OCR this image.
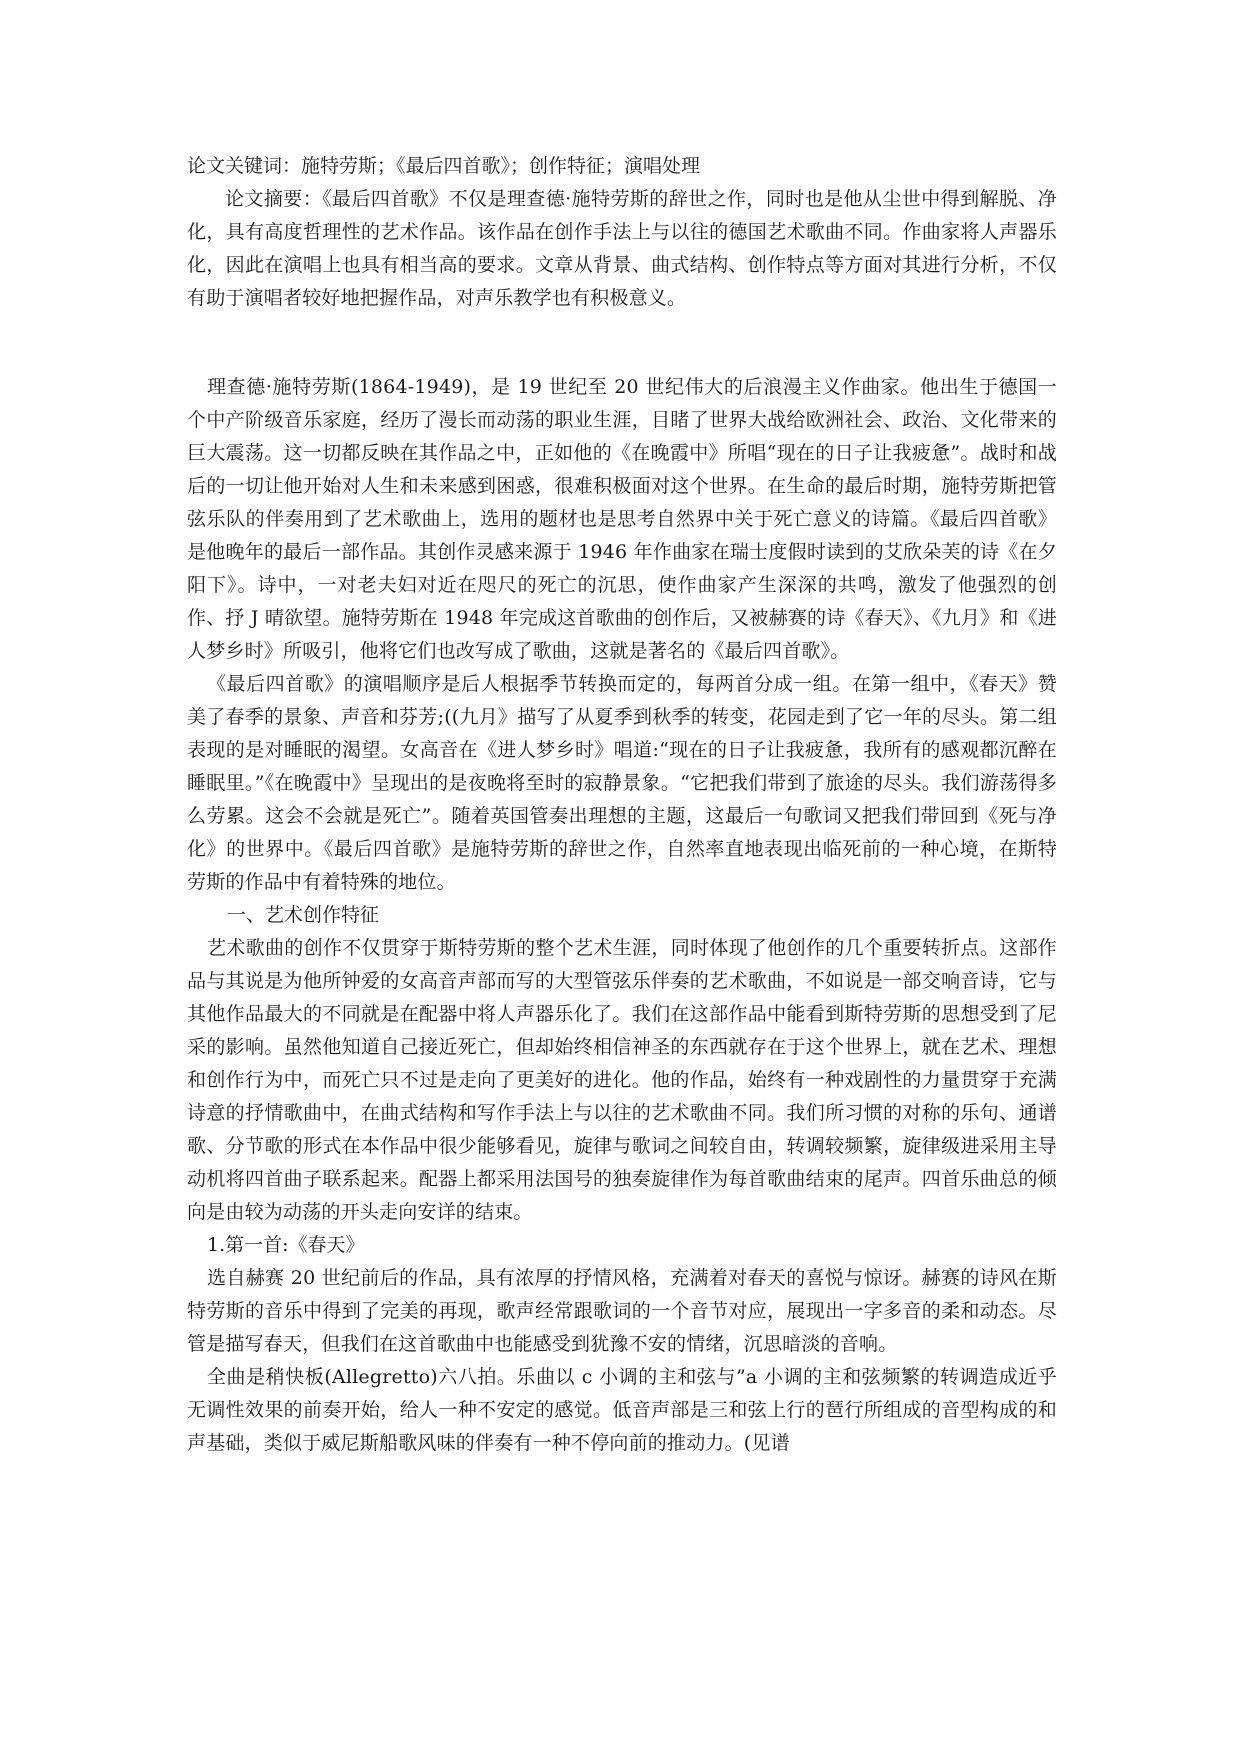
论文关键词：施特劳斯；《最后四首歌》；创作特征；演唱处理

论文摘要：《最后四首歌》不仅是理查德·施特劳斯的辞世之作，同时也是他从尘世中得到解脱、净化，具有高度哲理性的艺术作品。该作品在创作手法上与以往的德国艺术歌曲不同。作曲家将人声器乐化，因此在演唱上也具有相当高的要求。文章从背景、曲式结构、创作特点等方面对其进行分析，不仅有助于演唱者较好地把握作品，对声乐教学也有积极意义。

理查德·施特劳斯(1864-1949)，是 19 世纪至 20 世纪伟大的后浪漫主义作曲家。他出生于德国一个中产阶级音乐家庭，经历了漫长而动荡的职业生涯，目睹了世界大战给欧洲社会、政治、文化带来的巨大震荡。这一切都反映在其作品之中，正如他的《在晚霞中》所唱“现在的日子让我疲惫”。战时和战后的一切让他开始对人生和未来感到困惑，很难积极面对这个世界。在生命的最后时期，施特劳斯把管弦乐队的伴奏用到了艺术歌曲上，选用的题材也是思考自然界中关于死亡意义的诗篇。《最后四首歌》是他晚年的最后一部作品。其创作灵感来源于 1946 年作曲家在瑞士度假时读到的艾欣朵芙的诗《在夕阳下》。诗中，一对老夫妇对近在咫尺的死亡的沉思，使作曲家产生深深的共鸣，激发了他强烈的创作、抒 J 晴欲望。施特劳斯在 1948 年完成这首歌曲的创作后，又被赫赛的诗《春天》、《九月》和《进人梦乡时》所吸引，他将它们也改写成了歌曲，这就是著名的《最后四首歌》。

《最后四首歌》的演唱顺序是后人根据季节转换而定的，每两首分成一组。在第一组中，《春天》赞美了春季的景象、声音和芬芳;((九月》描写了从夏季到秋季的转变，花园走到了它一年的尽头。第二组表现的是对睡眠的渴望。女高音在《进人梦乡时》唱道:“现在的日子让我疲惫，我所有的感观都沉醉在睡眠里。”《在晚霞中》呈现出的是夜晚将至时的寂静景象。“它把我们带到了旅途的尽头。我们游荡得多么劳累。这会不会就是死亡”。随着英国管奏出理想的主题，这最后一句歌词又把我们带回到《死与净化》的世界中。《最后四首歌》是施特劳斯的辞世之作，自然率直地表现出临死前的一种心境，在斯特劳斯的作品中有着特殊的地位。

一、艺术创作特征

艺术歌曲的创作不仅贯穿于斯特劳斯的整个艺术生涯，同时体现了他创作的几个重要转折点。这部作品与其说是为他所钟爱的女高音声部而写的大型管弦乐伴奏的艺术歌曲，不如说是一部交响音诗，它与其他作品最大的不同就是在配器中将人声器乐化了。我们在这部作品中能看到斯特劳斯的思想受到了尼采的影响。虽然他知道自己接近死亡，但却始终相信神圣的东西就存在于这个世界上，就在艺术、理想和创作行为中，而死亡只不过是走向了更美好的进化。他的作品，始终有一种戏剧性的力量贯穿于充满诗意的抒情歌曲中，在曲式结构和写作手法上与以往的艺术歌曲不同。我们所习惯的对称的乐句、通谱歌、分节歌的形式在本作品中很少能够看见，旋律与歌词之间较自由，转调较频繁，旋律级进采用主导动机将四首曲子联系起来。配器上都采用法国号的独奏旋律作为每首歌曲结束的尾声。四首乐曲总的倾向是由较为动荡的开头走向安详的结束。

1.第一首:《春天》

选自赫赛 20 世纪前后的作品，具有浓厚的抒情风格，充满着对春天的喜悦与惊讶。赫赛的诗风在斯特劳斯的音乐中得到了完美的再现，歌声经常跟歌词的一个音节对应，展现出一字多音的柔和动态。尽管是描写春天，但我们在这首歌曲中也能感受到犹豫不安的情绪，沉思暗淡的音响。

全曲是稍快板(Allegretto)六八拍。乐曲以 c 小调的主和弦与”a 小调的主和弦频繁的转调造成近乎无调性效果的前奏开始，给人一种不安定的感觉。低音声部是三和弦上行的琶行所组成的音型构成的和声基础，类似于威尼斯船歌风味的伴奏有一种不停向前的推动力。(见谱
